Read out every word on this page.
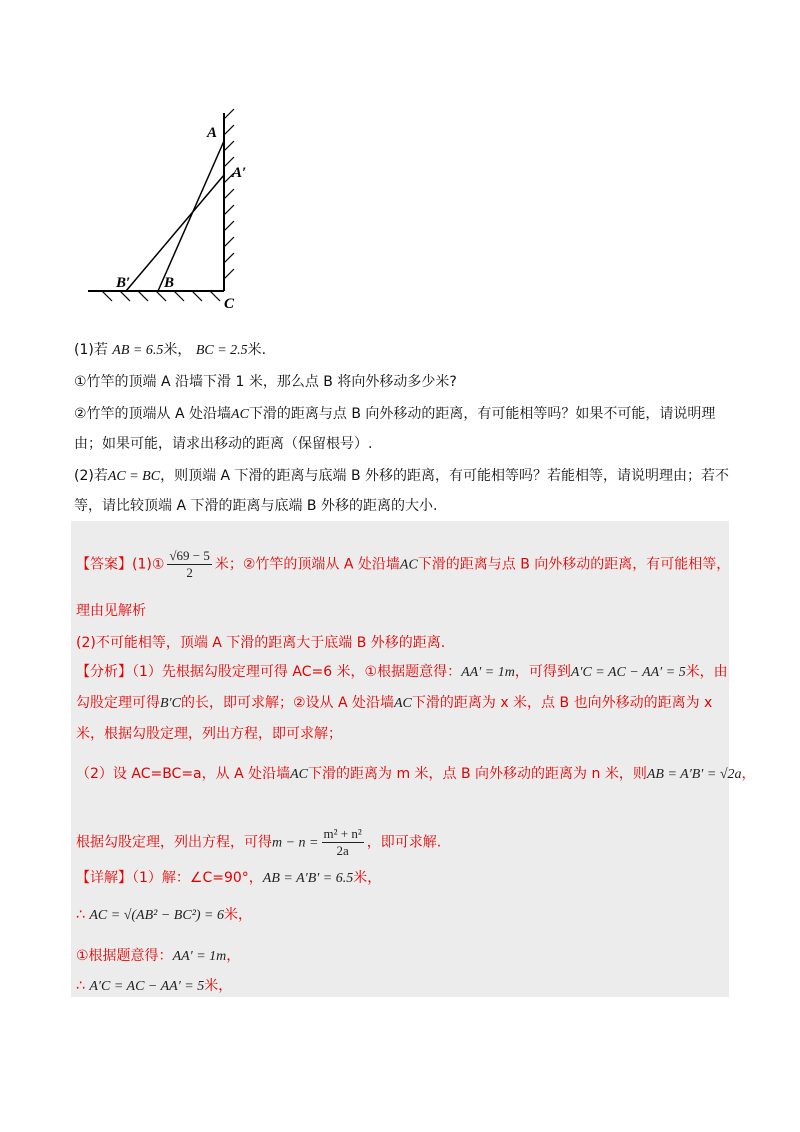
A
A′
B′ B
C
(1)若 AB = 6.5米， BC = 2.5米.
①竹竿的顶端 A 沿墙下滑 1 米，那么点 B 将向外移动多少米?
②竹竿的顶端从 A 处沿墙AC下滑的距离与点 B 向外移动的距离，有可能相等吗？如果不可能，请说明理
由；如果可能，请求出移动的距离（保留根号）.
(2)若AC = BC，则顶端 A 下滑的距离与底端 B 外移的距离，有可能相等吗？若能相等，请说明理由；若不
等，请比较顶端 A 下滑的距离与底端 B 外移的距离的大小.
【答案】(1)① $\frac{√69 - 5}{2}$ 米；②竹竿的顶端从 A 处沿墙AC下滑的距离与点 B 向外移动的距离，有可能相等，
理由见解析
(2)不可能相等，顶端 A 下滑的距离大于底端 B 外移的距离.
【分析】（1）先根据勾股定理可得 AC=6 米，①根据题意得：AA′ = 1m，可得到A′C = AC − AA′ = 5米，由
勾股定理可得B′C的长，即可求解；②设从 A 处沿墙AC下滑的距离为 x 米，点 B 也向外移动的距离为 x
米，根据勾股定理，列出方程，即可求解；
（2）设 AC=BC=a，从 A 处沿墙AC下滑的距离为 m 米，点 B 向外移动的距离为 n 米，则AB = A′B′ = √2a，
根据勾股定理，列出方程，可得$m - n = \frac{\text{m² + n²}}{2a}$ ，即可求解.
【详解】（1）解：∠C=90°，AB = A′B′ = 6.5米，
∴ AC = √(AB² − BC²) = 6米，
①根据题意得：AA′ = 1m，
∴ A′C = AC − AA′ = 5米，
